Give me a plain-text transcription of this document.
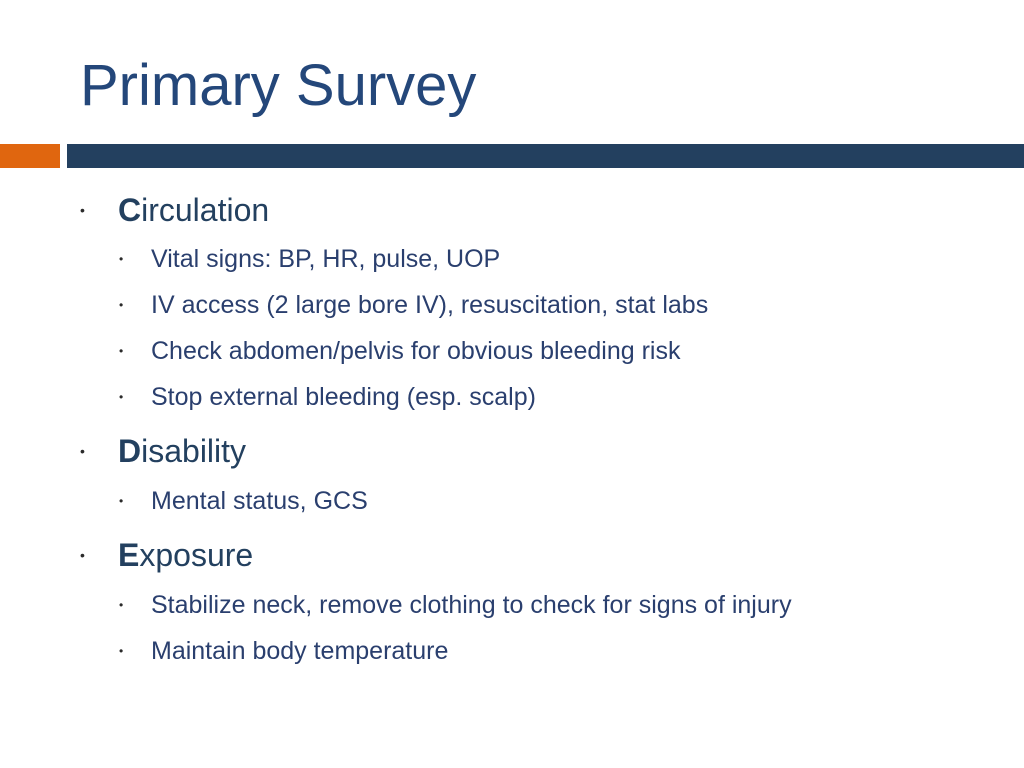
Primary Survey
•	Circulation
•	Vital signs: BP, HR, pulse, UOP
•	IV access (2 large bore IV), resuscitation, stat labs
•	Check abdomen/pelvis for obvious bleeding risk
•	Stop external bleeding (esp. scalp)
•	Disability
•	Mental status, GCS
•	Exposure
•	Stabilize neck, remove clothing to check for signs of injury
•	Maintain body temperature
